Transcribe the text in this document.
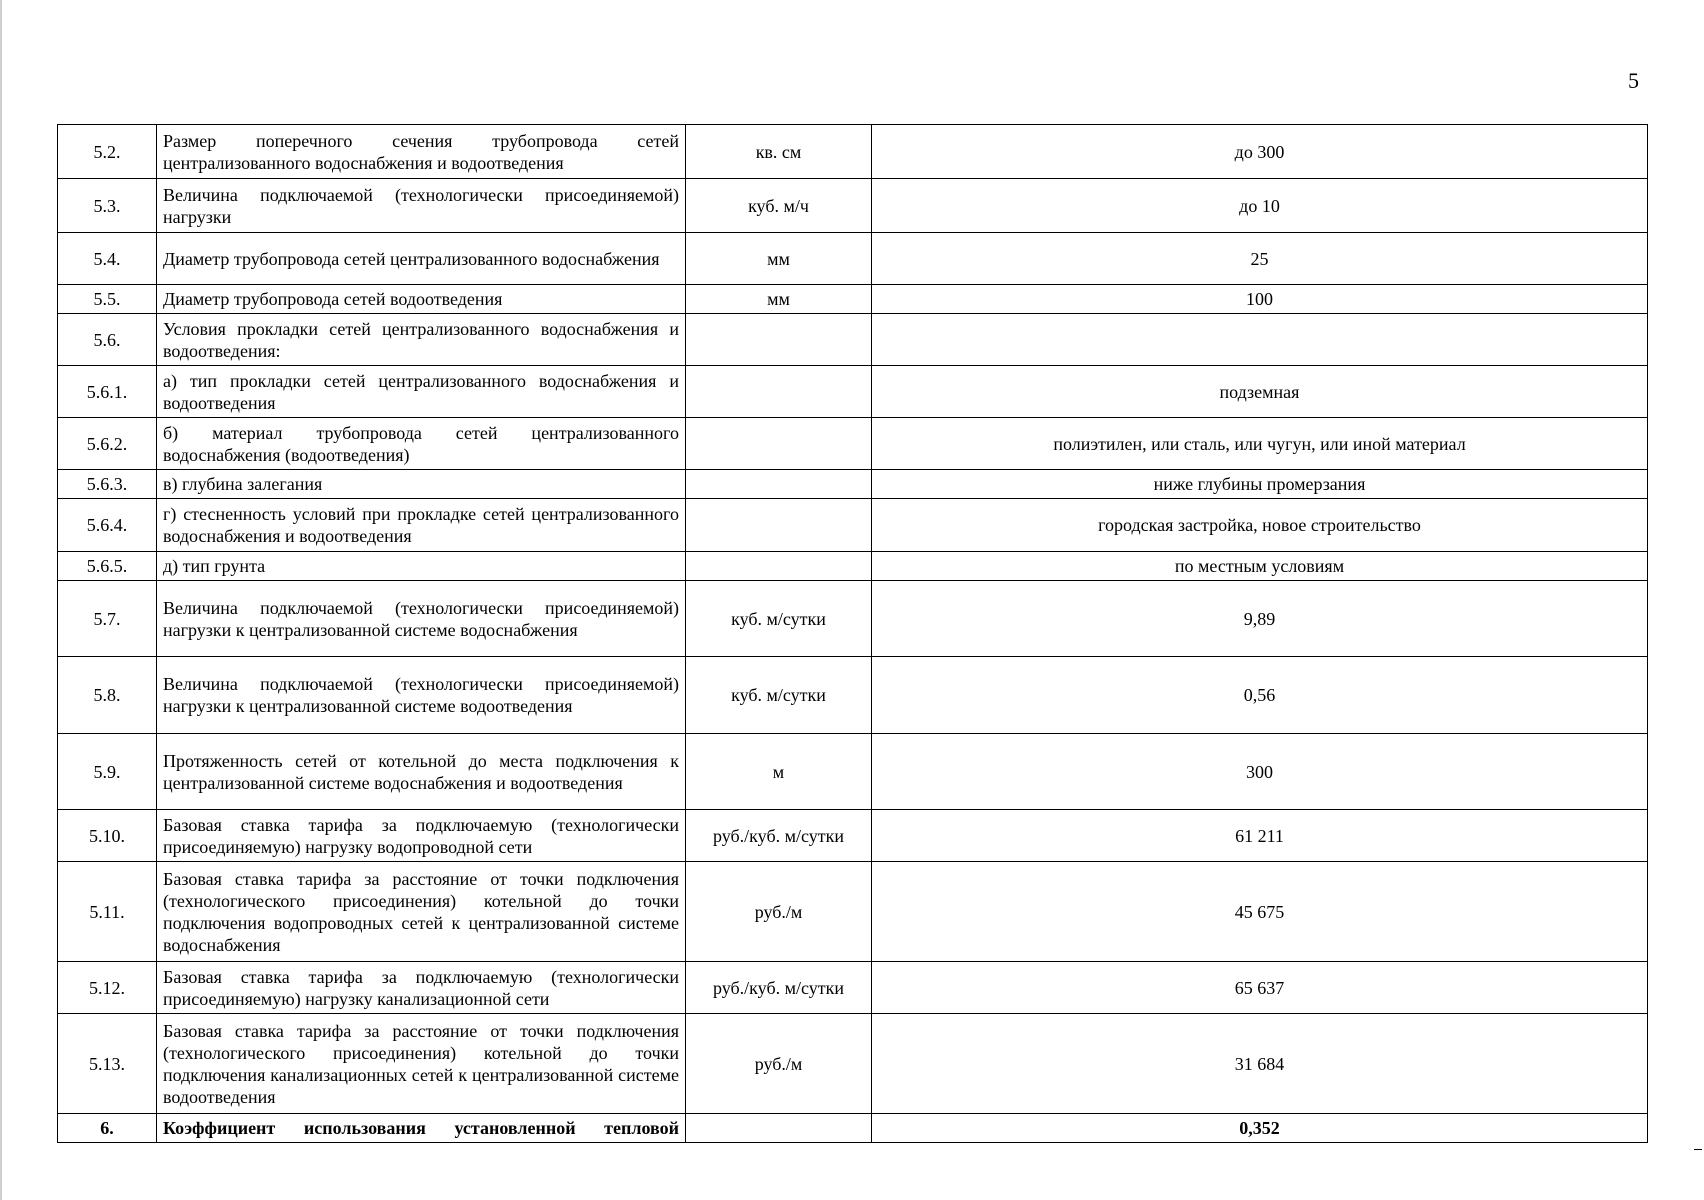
5
5.2.	Размер поперечного сечения трубопровода сетей централизованного водоснабжения и водоотведения	кв. см	до 300
5.3.	Величина подключаемой (технологически присоединяемой) нагрузки	куб. м/ч	до 10
5.4.	Диаметр трубопровода сетей централизованного водоснабжения	мм	25
5.5.	Диаметр трубопровода сетей водоотведения	мм	100
5.6.	Условия прокладки сетей централизованного водоснабжения и водоотведения:		
5.6.1.	а) тип прокладки сетей централизованного водоснабжения и водоотведения		подземная
5.6.2.	б) материал трубопровода сетей централизованного водоснабжения (водоотведения)		полиэтилен, или сталь, или чугун, или иной материал
5.6.3.	в) глубина залегания		ниже глубины промерзания
5.6.4.	г) стесненность условий при прокладке сетей централизованного водоснабжения и водоотведения		городская застройка, новое строительство
5.6.5.	д) тип грунта		по местным условиям
5.7.	Величина подключаемой (технологически присоединяемой) нагрузки к централизованной системе водоснабжения	куб. м/сутки	9,89
5.8.	Величина подключаемой (технологически присоединяемой) нагрузки к централизованной системе водоотведения	куб. м/сутки	0,56
5.9.	Протяженность сетей от котельной до места подключения к централизованной системе водоснабжения и водоотведения	м	300
5.10.	Базовая ставка тарифа за подключаемую (технологически присоединяемую) нагрузку водопроводной сети	руб./куб. м/сутки	61 211
5.11.	Базовая ставка тарифа за расстояние от точки подключения (технологического присоединения) котельной до точки подключения водопроводных сетей к централизованной системе водоснабжения	руб./м	45 675
5.12.	Базовая ставка тарифа за подключаемую (технологически присоединяемую) нагрузку канализационной сети	руб./куб. м/сутки	65 637
5.13.	Базовая ставка тарифа за расстояние от точки подключения (технологического присоединения) котельной до точки подключения канализационных сетей к централизованной системе водоотведения	руб./м	31 684
6.	Коэффициент использования установленной тепловой		0,352
